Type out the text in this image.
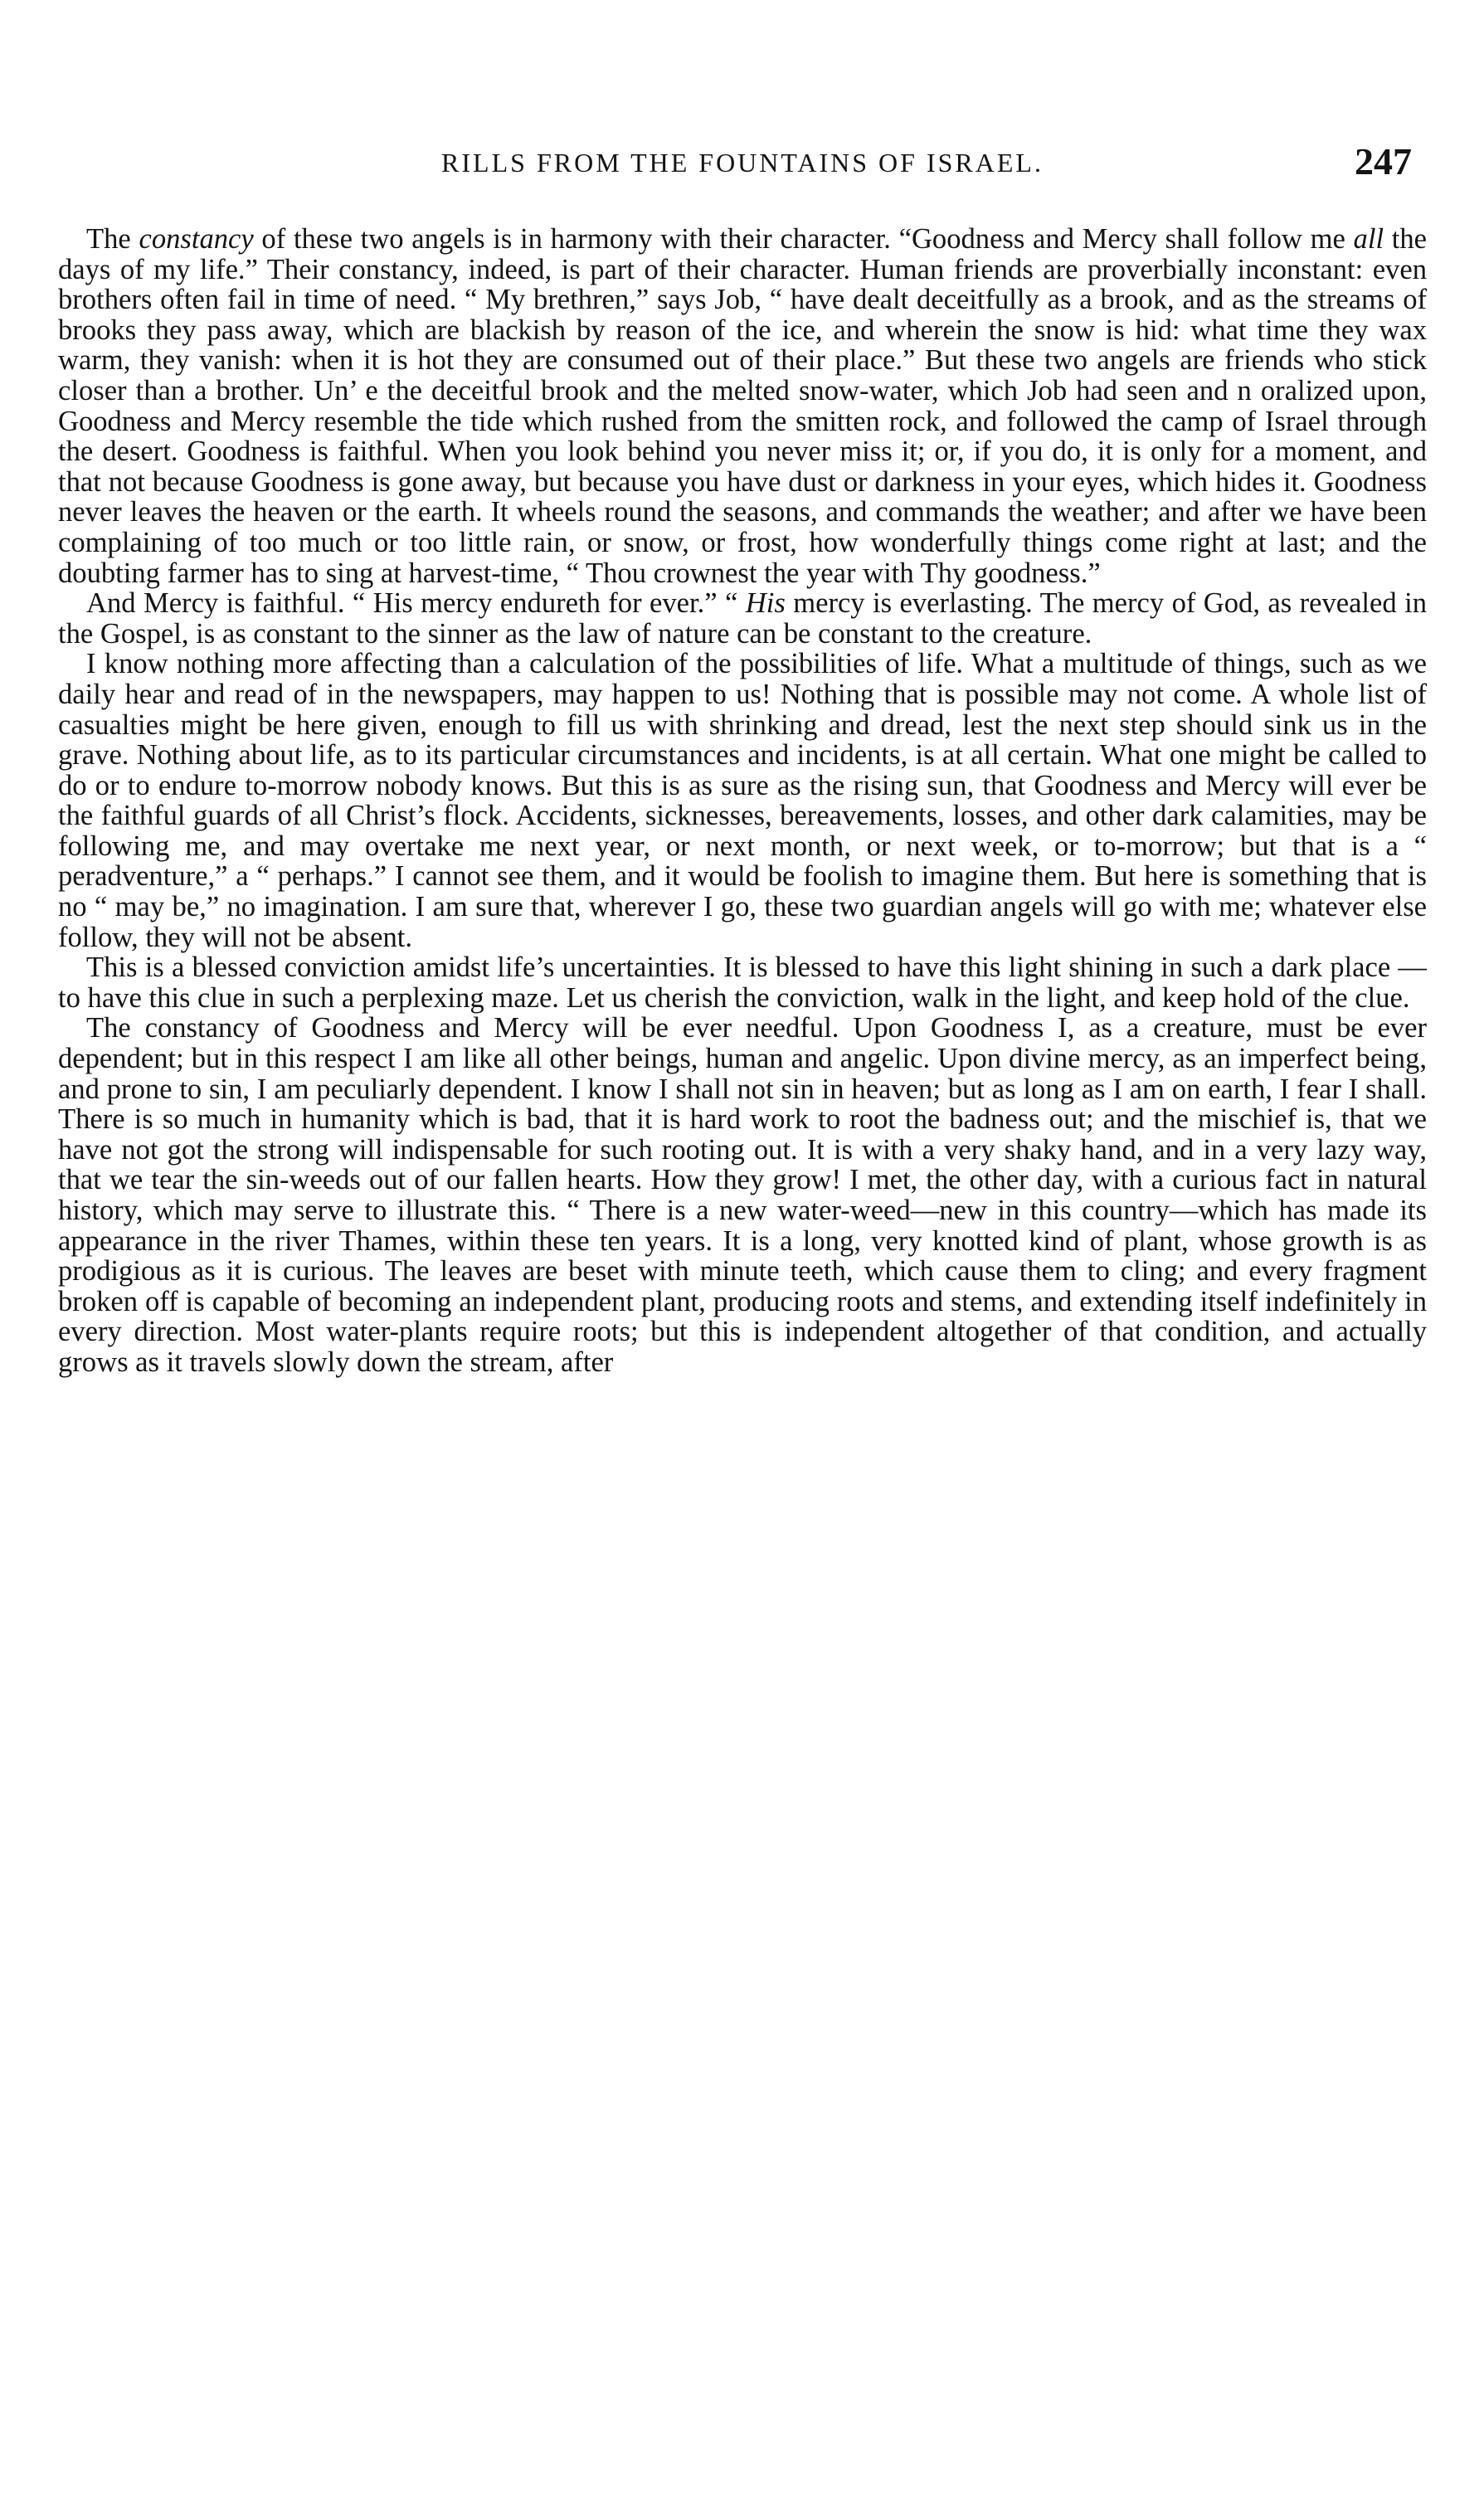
RILLS FROM THE FOUNTAINS OF ISRAEL.	247

The constancy of these two angels is in harmony with their character. “Goodness and Mercy shall follow me all the days of my life.” Their constancy, indeed, is part of their character. Human friends are proverbially inconstant: even brothers often fail in time of need. “ My brethren,” says Job, “ have dealt deceitfully as a brook, and as the streams of brooks they pass away, which are blackish by reason of the ice, and wherein the snow is hid: what time they wax warm, they vanish: when it is hot they are consumed out of their place.” But these two angels are friends who stick closer than a brother. Un’ e the deceitful brook and the melted snow-water, which Job had seen and n oralized upon, Goodness and Mercy resemble the tide which rushed from the smitten rock, and followed the camp of Israel through the desert. Goodness is faithful. When you look behind you never miss it; or, if you do, it is only for a moment, and that not because Goodness is gone away, but because you have dust or darkness in your eyes, which hides it. Goodness never leaves the heaven or the earth. It wheels round the seasons, and commands the weather; and after we have been complaining of too much or too little rain, or snow, or frost, how wonderfully things come right at last; and the doubting farmer has to sing at harvest-time, “ Thou crownest the year with Thy goodness.”

And Mercy is faithful. “ His mercy endureth for ever.” “ His mercy is everlasting. The mercy of God, as revealed in the Gospel, is as constant to the sinner as the law of nature can be constant to the creature.

I know nothing more affecting than a calculation of the possibilities of life. What a multitude of things, such as we daily hear and read of in the newspapers, may happen to us! Nothing that is possible may not come. A whole list of casualties might be here given, enough to fill us with shrinking and dread, lest the next step should sink us in the grave. Nothing about life, as to its particular circumstances and incidents, is at all certain. What one might be called to do or to endure to-morrow nobody knows. But this is as sure as the rising sun, that Goodness and Mercy will ever be the faithful guards of all Christ’s flock. Accidents, sicknesses, bereavements, losses, and other dark calamities, may be following me, and may overtake me next year, or next month, or next week, or to-morrow; but that is a “ peradventure,” a “ perhaps.” I cannot see them, and it would be foolish to imagine them. But here is something that is no “ may be,” no imagination. I am sure that, wherever I go, these two guardian angels will go with me; whatever else follow, they will not be absent.

This is a blessed conviction amidst life’s uncertainties. It is blessed to have this light shining in such a dark place — to have this clue in such a perplexing maze. Let us cherish the conviction, walk in the light, and keep hold of the clue.

The constancy of Goodness and Mercy will be ever needful. Upon Goodness I, as a creature, must be ever dependent; but in this respect I am like all other beings, human and angelic. Upon divine mercy, as an imperfect being, and prone to sin, I am peculiarly dependent. I know I shall not sin in heaven; but as long as I am on earth, I fear I shall. There is so much in humanity which is bad, that it is hard work to root the badness out; and the mischief is, that we have not got the strong will indispensable for such rooting out. It is with a very shaky hand, and in a very lazy way, that we tear the sin-weeds out of our fallen hearts. How they grow! I met, the other day, with a curious fact in natural history, which may serve to illustrate this. “ There is a new water-weed—new in this country—which has made its appearance in the river Thames, within these ten years. It is a long, very knotted kind of plant, whose growth is as prodigious as it is curious. The leaves are beset with minute teeth, which cause them to cling; and every fragment broken off is capable of becoming an independent plant, producing roots and stems, and extending itself indefinitely in every direction. Most water-plants require roots; but this is independent altogether of that condition, and actually grows as it travels slowly down the stream, after
